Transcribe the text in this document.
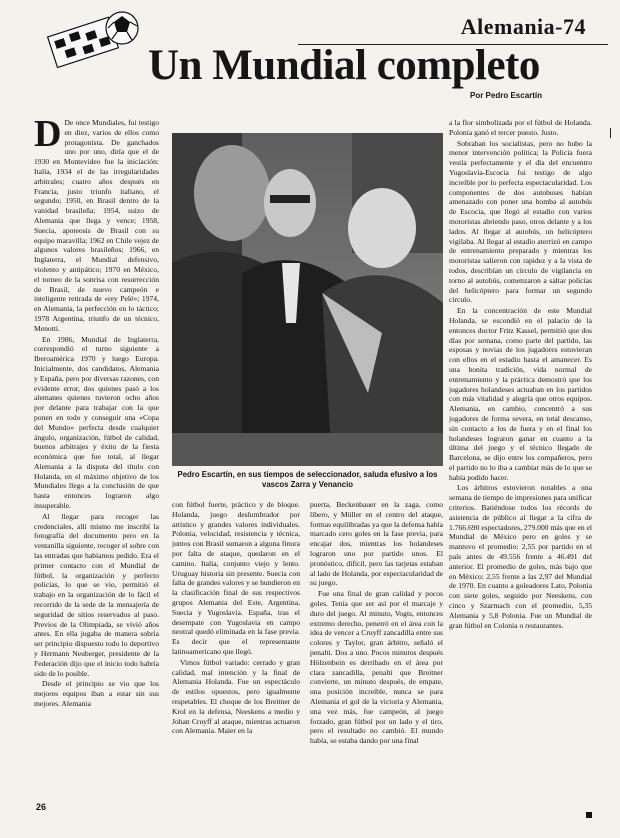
Alemania-74
Un Mundial completo
Por Pedro Escartín

D De once Mundiales, fui testigo en diez, varios de ellos como protagonista. De ganchados uno por uno, diría que el de 1930 en Montevideo fue la iniciación: Italia, 1934 el de las irregularidades arbitrales; cuatro años después en Francia, justo triunfo italiano, el segundo; 1950, en Brasil dentro de la vanidad brasileña; 1954, suizo de Alemania que llega y vence; 1958, Suecia, apoteosis de Brasil con su equipo maravilla; 1962 en Chile vejez de algunos valores brasileños; 1966, en Inglaterra, el Mundial defensivo, violento y antipático; 1970 en México, el torneo de la sonrisa con resurrección de Brasil, de nuevo campeón e inteligente retirada de «rey Pelé»; 1974, en Alemania, la perfección en lo táctico; 1978 Argentina, triunfo de un técnico, Menotti.

En 1986, Mundial de Inglaterra, correspondió el turno siguiente a Iberoamérica 1970 y luego Europa. Inicialmente, dos candidatos, Alemania y España, pero por diversas razones, con evidente error, dos quienes pasó a los alemanes quienes tuvieron ocho años por delante para trabajar con la que ponen en todo y conseguir una «Copa del Mundo» perfecta desde cualquier ángulo, organización, fútbol de calidad, buenos arbitrajes y éxito de la fiesta económica que fue total, al llegar Alemania a la disputa del título con Holanda, en el máximo objetivo de los Mundiales llego a la conclusión de que hasta entonces lograron algo insuperable.

Al llegar para recoger las credenciales, allí mismo me inscribí la fotografía del documento pero en la ventanilla siguiente, recoger el sobre con las entradas que habíamos pedido. Era el primer contacto con el Mundial de fútbol, la organización y perfecto policías, lo que se vio, permitió el trabajo en la organización de lo fácil el recorrido de la sede de la mensajería de seguridad de sitios reservados al paso. Previos de la Olimpiada, se vivió años antes. En ella jugaba de manera sobria ser principio dispuesto todo lo deportivo y Hermann Neuberger, presidente de la Federación dijo que el inicio todo habría sido de lo posible.

Desde el principio se vio que los mejores equipos iban a estar sin sus mejores. Alemania

Pedro Escartín, en sus tiempos de seleccionador, saluda efusivo a los vascos Zarra y Venancio

con fútbol fuerte, práctico y de bloque. Holanda, juego deslumbrador por artístico y grandes valores individuales. Polonia, velocidad, resistencia y técnica, juntos con Brasil sumaron a alguna finura por falta de ataque, quedaron en el camino. Italia, conjunto viejo y lento. Uruguay historia sin presente. Suecia con falta de grandes valores y se hundieron en la clasificación final de sus respectivos grupos Alemania del Este, Argentina, Suecia y Yugoslavia. España, tras el desempate con Yugoslavia en campo neutral quedó eliminada en la fase previa. Es decir que el representante latinoamericano que llegó.

Vimos fútbol variado: cerrado y gran calidad, mal intención y la final de Alemania Holanda. Fue un espectáculo de estilos opuestos, pero igualmente respetables. El choque de los Breitner de Krol en la defensa, Neeskens a medio y Johan Cruyff al ataque, mientras actuaron con Alemania. Maier en la

puerta, Beckenbauer en la zaga, como líbero, y Müller en el centro del ataque, formas equilibradas ya que la defensa había marcado cero goles en la fase previa, para encajar dos, mientras los holandeses lograron uno por partido unos. El pronóstico, difícil, pero las tarjetas estaban al lado de Holanda, por espectacularidad de su juego.

Fue una final de gran calidad y pocos goles. Tenía que ser así por el marcaje y duro del juego. Al minuto, Vogts, entonces extremo derecho, penetró en el área con la idea de vencer a Cruyff zancadilla entre sus colores y Taylor, gran árbitro, señaló el penalti. Dos a uno. Pocos minutos después Hölzenbein es derribado en el área por clara zancadilla, penalti que Breitner convierte, un minuto después, de empate, una posición increíble, nunca se para Alemania el gol de la victoria y Alemania, una vez más, fue campeón, al juego forzado, gran fútbol por un lado y el tiro, pero el resultado no cambió. El mundo había, se estaba dando por una final

a la flor simbolizada por el fútbol de Holanda. Polonia ganó el tercer puesto. Justo.

Sobraban los socialistas, pero no hubo la menor intervención política; la Policía fuera vestía perfectamente y el día del encuentro Yugoslavia-Escocia fui testigo de algo increíble por lo perfecta espectacularidad. Los componentes de dos autobuses habían amenazado con poner una bomba al autobús de Escocia, que llegó al estadio con varios motoristas abriendo paso, otros delante y a los lados. Al llegar al autobús, un helicóptero vigilaba. Al llegar al estadio aterrizó en campo de entrenamiento preparado y mientras los motoristas salieron con rapidez y a la vista de todos, describían un círculo de vigilancia en torno al autobús, comenzaron a saltar policías del helicóptero para formar un segundo círculo.

En la concentración de este Mundial Holanda, se escondió en el palacio de la entonces doctor Fritz Kassel, permitió que dos días por semana, como parte del partido, las esposas y novias de los jugadores estuvieran con ellos en el estadio hasta el amanecer. Es una bonita tradición, vida normal de entrenamiento y la práctica demostró que los jugadores holandeses actuaban en los partidos con más vitalidad y alegría que otros equipos. Alemania, en cambio, concentró a sus jugadores de forma severa, en total descanso, sin contacto a los de fuera y en el final los holandeses lograron ganar en cuanto a la última del juego y el técnico llegado de Barcelona, se dijo entre los compañeros, pero el partido no lo iba a cambiar más de lo que se había podido hacer.

Los árbitros estuvieron notables a una semana de tiempo de impresiones para unificar criterios. Batiéndose todos los récords de asistencia de público al llegar a la cifra de 1.766.690 espectadores, 279.000 más que en el Mundial de México pero en goles y se mantuvo el promedio: 2,55 por partido en el país antes de 49.556 frente a 46.491 del anterior. El promedio de goles, más bajo que en México: 2,55 frente a las 2,97 del Mundial de 1970. En cuanto a goleadores Lato, Polonia con siete goles, seguido por Neeskens, con cinco y Szarmach con el promedio, 5,35 Alemania y 5,8 Polonia. Fue un Mundial de gran fútbol en Colonia o restaurantes.

26
